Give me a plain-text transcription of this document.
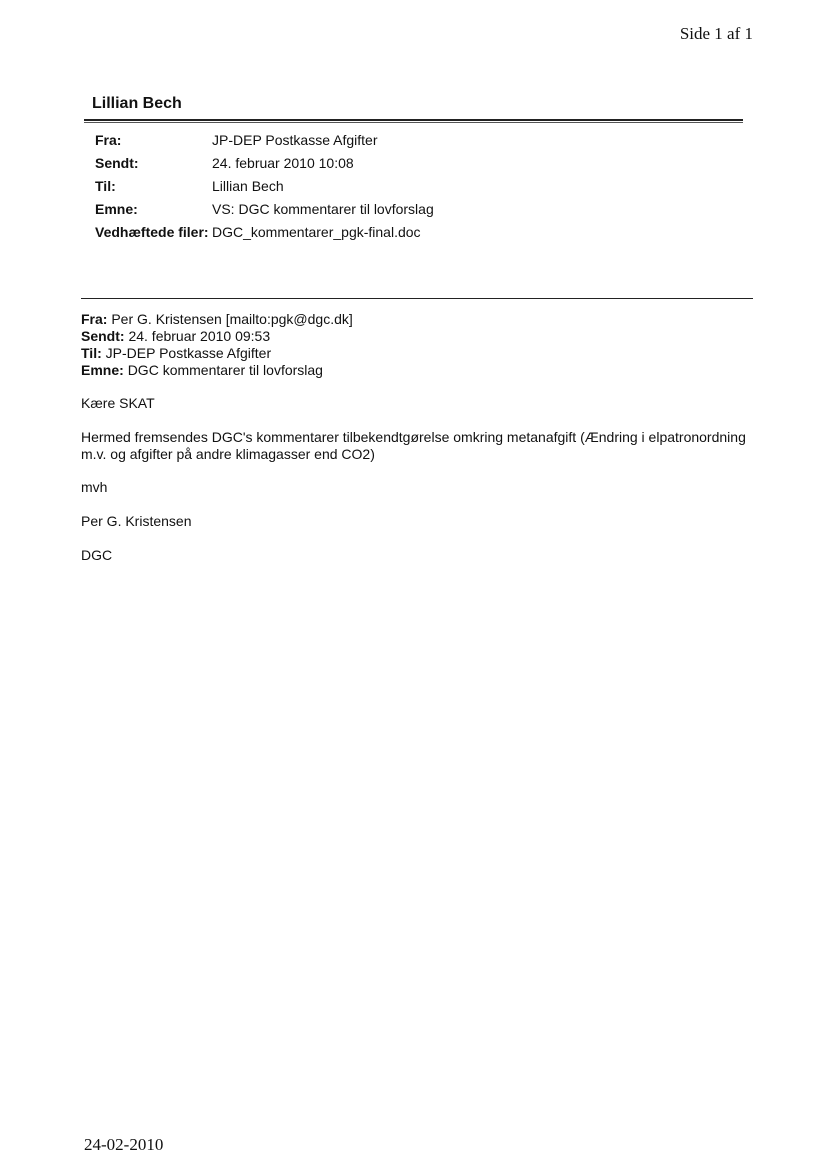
Side 1 af 1
Lillian Bech
Fra:	JP-DEP Postkasse Afgifter
Sendt:	24. februar 2010 10:08
Til:	Lillian Bech
Emne:	VS: DGC kommentarer til lovforslag
Vedhæftede filer:	DGC_kommentarer_pgk-final.doc
Fra: Per G. Kristensen [mailto:pgk@dgc.dk]
Sendt: 24. februar 2010 09:53
Til: JP-DEP Postkasse Afgifter
Emne: DGC kommentarer til lovforslag
Kære SKAT
Hermed fremsendes DGC's kommentarer tilbekendtgørelse omkring metanafgift (Ændring i elpatronordning
m.v. og afgifter på andre klimagasser end CO2)
mvh
Per G. Kristensen
DGC
24-02-2010
